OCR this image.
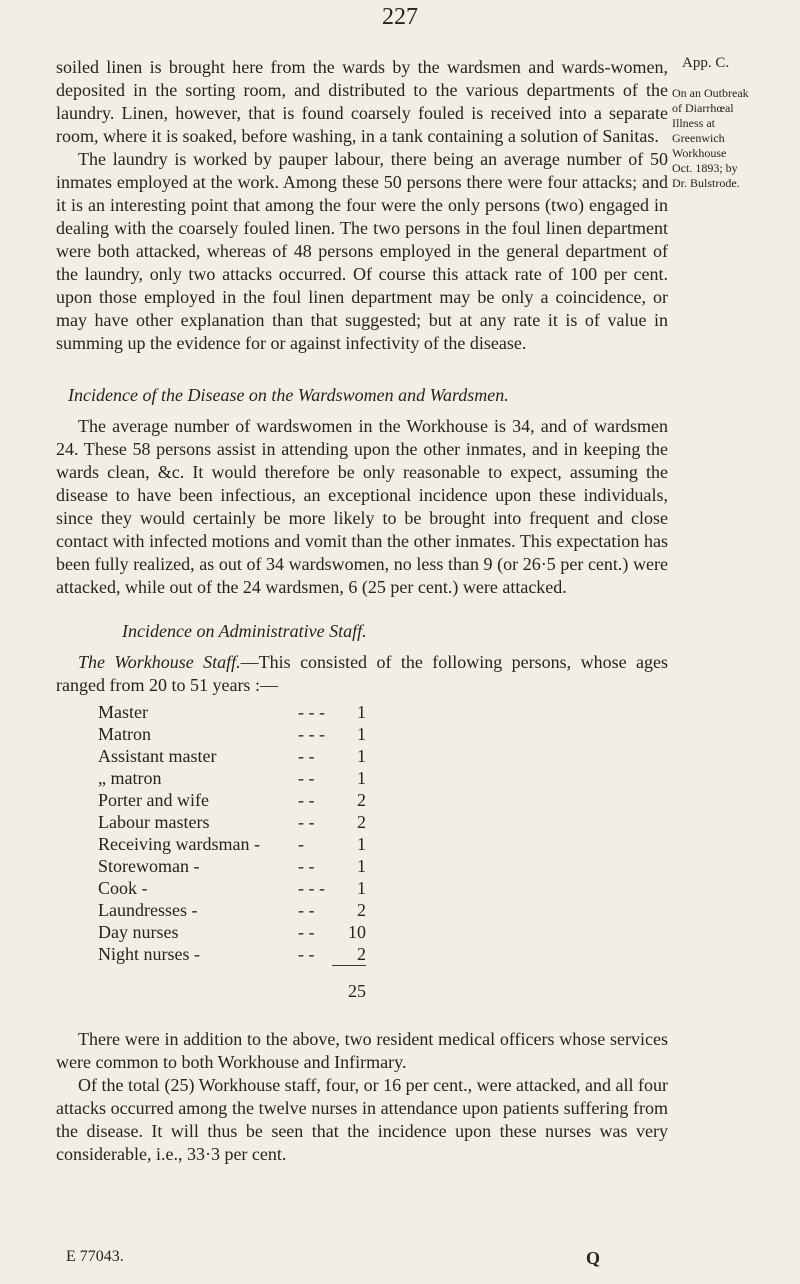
227
App. C.
On an Outbreak
of Diarrhœal
Illness at
Greenwich
Workhouse
Oct. 1893; by
Dr. Bulstrode.

soiled linen is brought here from the wards by the wardsmen and wards-women, deposited in the sorting room, and distributed to the various departments of the laundry. Linen, however, that is found coarsely fouled is received into a separate room, where it is soaked, before washing, in a tank containing a solution of Sanitas.

The laundry is worked by pauper labour, there being an average number of 50 inmates employed at the work. Among these 50 persons there were four attacks; and it is an interesting point that among the four were the only persons (two) engaged in dealing with the coarsely fouled linen. The two persons in the foul linen department were both attacked, whereas of 48 persons employed in the general department of the laundry, only two attacks occurred. Of course this attack rate of 100 per cent. upon those employed in the foul linen department may be only a coincidence, or may have other explanation than that suggested; but at any rate it is of value in summing up the evidence for or against infectivity of the disease.

Incidence of the Disease on the Wardswomen and Wardsmen.

The average number of wardswomen in the Workhouse is 34, and of wardsmen 24. These 58 persons assist in attending upon the other inmates, and in keeping the wards clean, &c. It would therefore be only reasonable to expect, assuming the disease to have been infectious, an exceptional incidence upon these individuals, since they would certainly be more likely to be brought into frequent and close contact with infected motions and vomit than the other inmates. This expectation has been fully realized, as out of 34 wardswomen, no less than 9 (or 26·5 per cent.) were attacked, while out of the 24 wardsmen, 6 (25 per cent.) were attacked.

Incidence on Administrative Staff.

The Workhouse Staff.—This consisted of the following persons, whose ages ranged from 20 to 51 years :—

Master	- - -	1
Matron	- - -	1
Assistant master	- -	1
„ matron	- -	1
Porter and wife	- -	2
Labour masters	- -	2
Receiving wardsman -	-	1
Storewoman -	- -	1
Cook -	- - -	1
Laundresses -	- -	2
Day nurses	- -	10
Night nurses -	- -	2
		25

There were in addition to the above, two resident medical officers whose services were common to both Workhouse and Infirmary.

Of the total (25) Workhouse staff, four, or 16 per cent., were attacked, and all four attacks occurred among the twelve nurses in attendance upon patients suffering from the disease. It will thus be seen that the incidence upon these nurses was very considerable, i.e., 33·3 per cent.

E 77043.	Q
